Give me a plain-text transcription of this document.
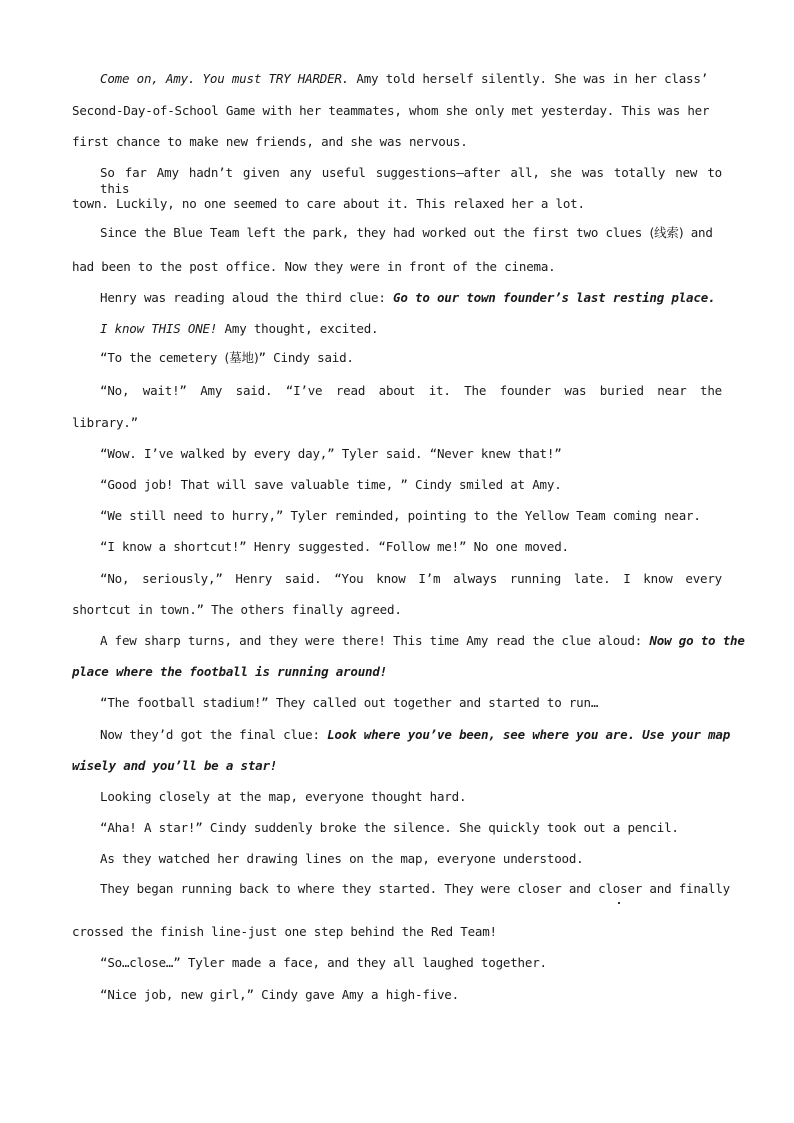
Come on, Amy. You must TRY HARDER. Amy told herself silently. She was in her class’

Second-Day-of-School Game with her teammates, whom she only met yesterday. This was her

first chance to make new friends, and she was nervous.

So far Amy hadn’t given any useful suggestions—after all, she was totally new to this

town. Luckily, no one seemed to care about it. This relaxed her a lot.

Since the Blue Team left the park, they had worked out the first two clues (线索) and

had been to the post office. Now they were in front of the cinema.

Henry was reading aloud the third clue: Go to our town founder’s last resting place.

I know THIS ONE! Amy thought, excited.

“To the cemetery (墓地)” Cindy said.

“No, wait!” Amy said. “I’ve read about it. The founder was buried near the

library.”

“Wow. I’ve walked by every day,” Tyler said. “Never knew that!”

“Good job! That will save valuable time, ” Cindy smiled at Amy.

“We still need to hurry,” Tyler reminded, pointing to the Yellow Team coming near.

“I know a shortcut!” Henry suggested. “Follow me!” No one moved.

“No, seriously,” Henry said. “You know I’m always running late. I know every

shortcut in town.” The others finally agreed.

A few sharp turns, and they were there! This time Amy read the clue aloud: Now go to the

place where the football is running around!

“The football stadium!” They called out together and started to run…

Now they’d got the final clue: Look where you’ve been, see where you are. Use your map

wisely and you’ll be a star!

Looking closely at the map, everyone thought hard.

“Aha! A star!” Cindy suddenly broke the silence. She quickly took out a pencil.

As they watched her drawing lines on the map, everyone understood.

They began running back to where they started. They were closer and closer and finally

crossed the finish line-just one step behind the Red Team!

“So…close…” Tyler made a face, and they all laughed together.

“Nice job, new girl,” Cindy gave Amy a high-five.
